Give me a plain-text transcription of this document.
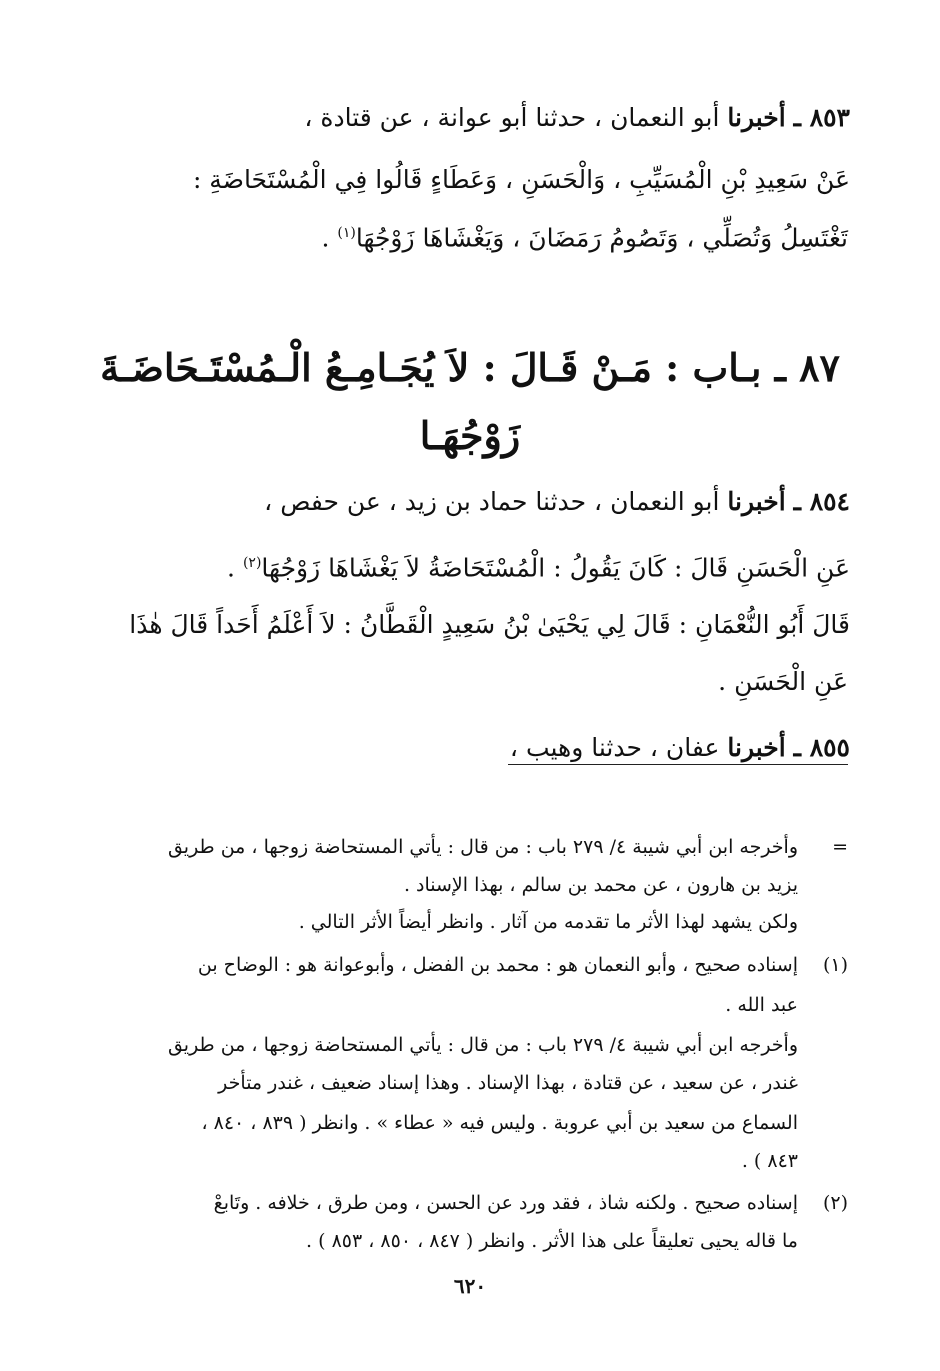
٨٥٣ ـ أخبرنا أبو النعمان ، حدثنا أبو عوانة ، عن قتادة ،
عَنْ سَعِيدِ بْنِ الْمُسَيِّبِ ، وَالْحَسَنِ ، وَعَطَاءٍ قَالُوا فِي الْمُسْتَحَاضَةِ :
تَغْتَسِلُ وَتُصَلِّي ، وَتَصُومُ رَمَضَانَ ، وَيَغْشَاهَا زَوْجُهَا$^{(١)}$ .
٨٧ ـ بـاب : مَـنْ قَـالَ : لاَ يُجَـامِـعُ الْـمُسْتَـحَاضَـةَ
زَوْجُهَـا
٨٥٤ ـ أخبرنا أبو النعمان ، حدثنا حماد بن زيد ، عن حفص ،
عَنِ الْحَسَنِ قَالَ : كَانَ يَقُولُ : الْمُسْتَحَاضَةُ لاَ يَغْشَاهَا زَوْجُهَا$^{(٢)}$ .
قَالَ أَبُو النُّعْمَانِ : قَالَ لِي يَحْيَىٰ بْنُ سَعِيدٍ الْقَطَّانُ : لاَ أَعْلَمُ أَحَداً قَالَ هٰذَا
عَنِ الْحَسَنِ .
٨٥٥ ـ أخبرنا عفان ، حدثنا وهيب ،
=
وأخرجه ابن أبي شيبة ٤/ ٢٧٩ باب : من قال : يأتي المستحاضة زوجها ، من طريق
يزيد بن هارون ، عن محمد بن سالم ، بهذا الإسناد .
ولكن يشهد لهذا الأثر ما تقدمه من آثار . وانظر أيضاً الأثر التالي .
(١)
إسناده صحيح ، وأبو النعمان هو : محمد بن الفضل ، وأبوعوانة هو : الوضاح بن
عبد الله .
وأخرجه ابن أبي شيبة ٤/ ٢٧٩ باب : من قال : يأتي المستحاضة زوجها ، من طريق
غندر ، عن سعيد ، عن قتادة ، بهذا الإسناد . وهذا إسناد ضعيف ، غندر متأخر
السماع من سعيد بن أبي عروبة . وليس فيه « عطاء » . وانظر ( ٨٣٩ ، ٨٤٠ ،
٨٤٣ ) .
(٢)
إسناده صحيح . ولكنه شاذ ، فقد ورد عن الحسن ، ومن طرق ، خلافه . وتَابعْ
ما قاله يحيى تعليقاً على هذا الأثر . وانظر ( ٨٤٧ ، ٨٥٠ ، ٨٥٣ ) .
٦٢٠
